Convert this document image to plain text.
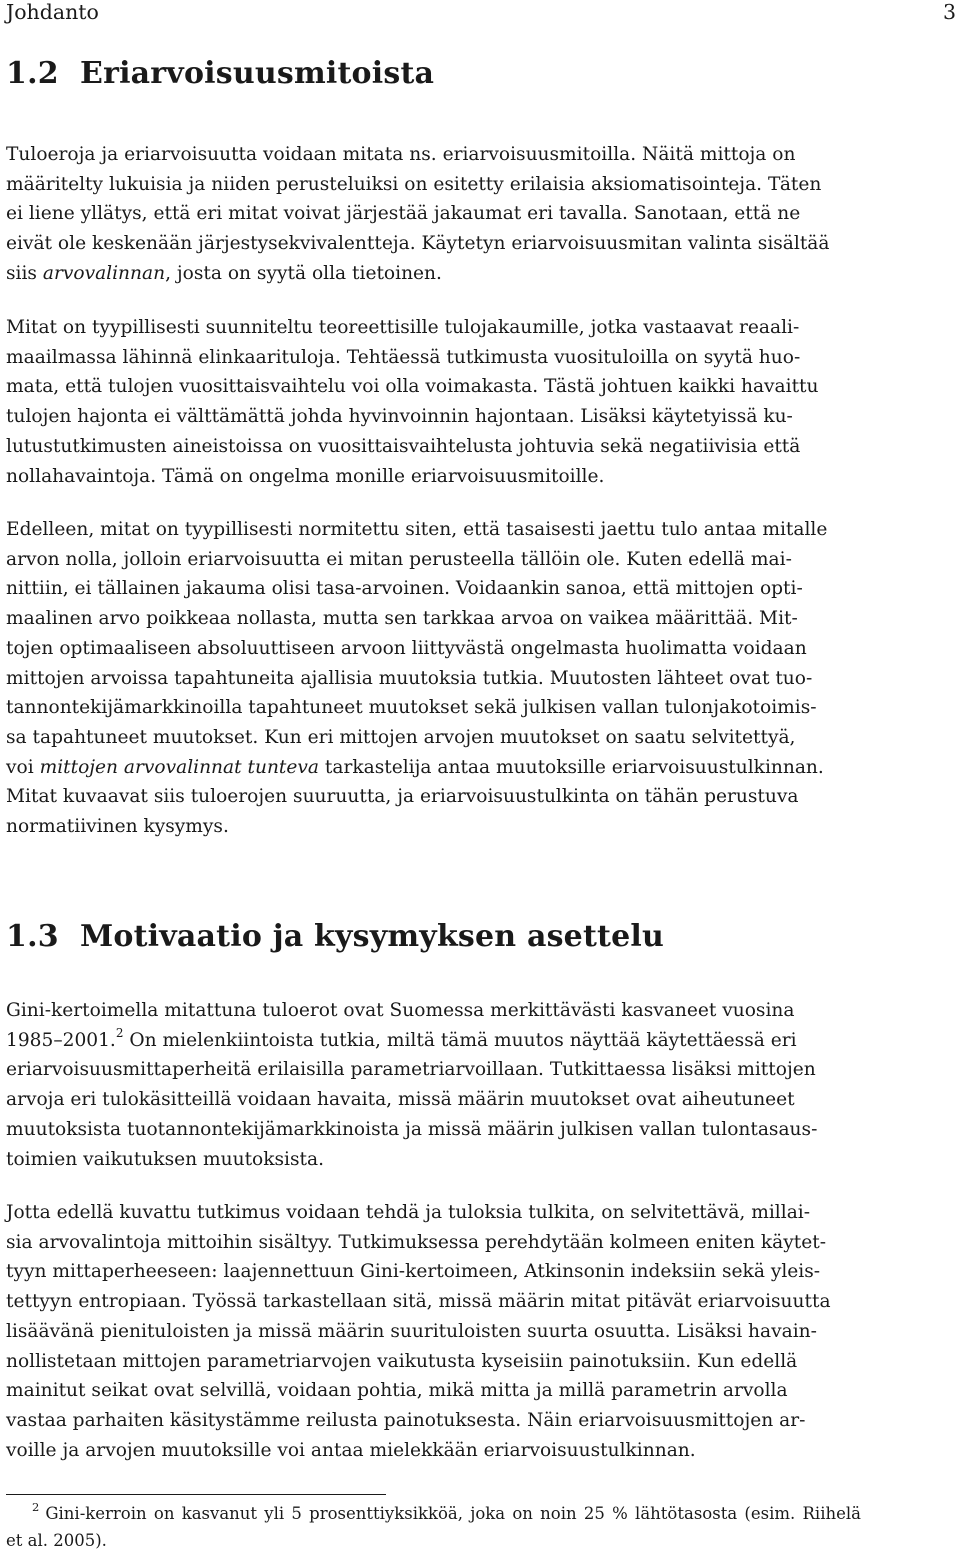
Johdanto	3
1.2 Eriarvoisuusmitoista
Tuloeroja ja eriarvoisuutta voidaan mitata ns. eriarvoisuusmitoilla. Näitä mittoja on
määritelty lukuisia ja niiden perusteluiksi on esitetty erilaisia aksiomatisointeja. Täten
ei liene yllätys, että eri mitat voivat järjestää jakaumat eri tavalla. Sanotaan, että ne
eivät ole keskenään järjestysekvivalentteja. Käytetyn eriarvoisuusmitan valinta sisältää
siis arvovalinnan, josta on syytä olla tietoinen.
Mitat on tyypillisesti suunniteltu teoreettisille tulojakaumille, jotka vastaavat reaali-
maailmassa lähinnä elinkaarituloja. Tehtäessä tutkimusta vuosituloilla on syytä huo-
mata, että tulojen vuosittaisvaihtelu voi olla voimakasta. Tästä johtuen kaikki havaittu
tulojen hajonta ei välttämättä johda hyvinvoinnin hajontaan. Lisäksi käytetyissä ku-
lutustutkimusten aineistoissa on vuosittaisvaihtelusta johtuvia sekä negatiivisia että
nollahavaintoja. Tämä on ongelma monille eriarvoisuusmitoille.
Edelleen, mitat on tyypillisesti normitettu siten, että tasaisesti jaettu tulo antaa mitalle
arvon nolla, jolloin eriarvoisuutta ei mitan perusteella tällöin ole. Kuten edellä mai-
nittiin, ei tällainen jakauma olisi tasa-arvoinen. Voidaankin sanoa, että mittojen opti-
maalinen arvo poikkeaa nollasta, mutta sen tarkkaa arvoa on vaikea määrittää. Mit-
tojen optimaaliseen absoluuttiseen arvoon liittyvästä ongelmasta huolimatta voidaan
mittojen arvoissa tapahtuneita ajallisia muutoksia tutkia. Muutosten lähteet ovat tuo-
tannontekijämarkkinoilla tapahtuneet muutokset sekä julkisen vallan tulonjakotoimis-
sa tapahtuneet muutokset. Kun eri mittojen arvojen muutokset on saatu selvitettyä,
voi mittojen arvovalinnat tunteva tarkastelija antaa muutoksille eriarvoisuustulkinnan.
Mitat kuvaavat siis tuloerojen suuruutta, ja eriarvoisuustulkinta on tähän perustuva
normatiivinen kysymys.
1.3 Motivaatio ja kysymyksen asettelu
Gini-kertoimella mitattuna tuloerot ovat Suomessa merkittävästi kasvaneet vuosina
1985–2001.$^2$ On mielenkiintoista tutkia, miltä tämä muutos näyttää käytettäessä eri
eriarvoisuusmittaperheitä erilaisilla parametriarvoillaan. Tutkittaessa lisäksi mittojen
arvoja eri tulokäsitteillä voidaan havaita, missä määrin muutokset ovat aiheutuneet
muutoksista tuotannontekijämarkkinoista ja missä määrin julkisen vallan tulontasaus-
toimien vaikutuksen muutoksista.
Jotta edellä kuvattu tutkimus voidaan tehdä ja tuloksia tulkita, on selvitettävä, millai-
sia arvovalintoja mittoihin sisältyy. Tutkimuksessa perehdytään kolmeen eniten käytet-
tyyn mittaperheeseen: laajennettuun Gini-kertoimeen, Atkinsonin indeksiin sekä yleis-
tettyyn entropiaan. Työssä tarkastellaan sitä, missä määrin mitat pitävät eriarvoisuutta
lisäävänä pienituloisten ja missä määrin suurituloisten suurta osuutta. Lisäksi havain-
nollistetaan mittojen parametriarvojen vaikutusta kyseisiin painotuksiin. Kun edellä
mainitut seikat ovat selvillä, voidaan pohtia, mikä mitta ja millä parametrin arvolla
vastaa parhaiten käsitystämme reilusta painotuksesta. Näin eriarvoisuusmittojen ar-
voille ja arvojen muutoksille voi antaa mielekkään eriarvoisuustulkinnan.
$^2$ Gini-kerroin on kasvanut yli 5 prosenttiyksikköä, joka on noin 25 % lähtötasosta (esim. Riihelä
et al. 2005).
